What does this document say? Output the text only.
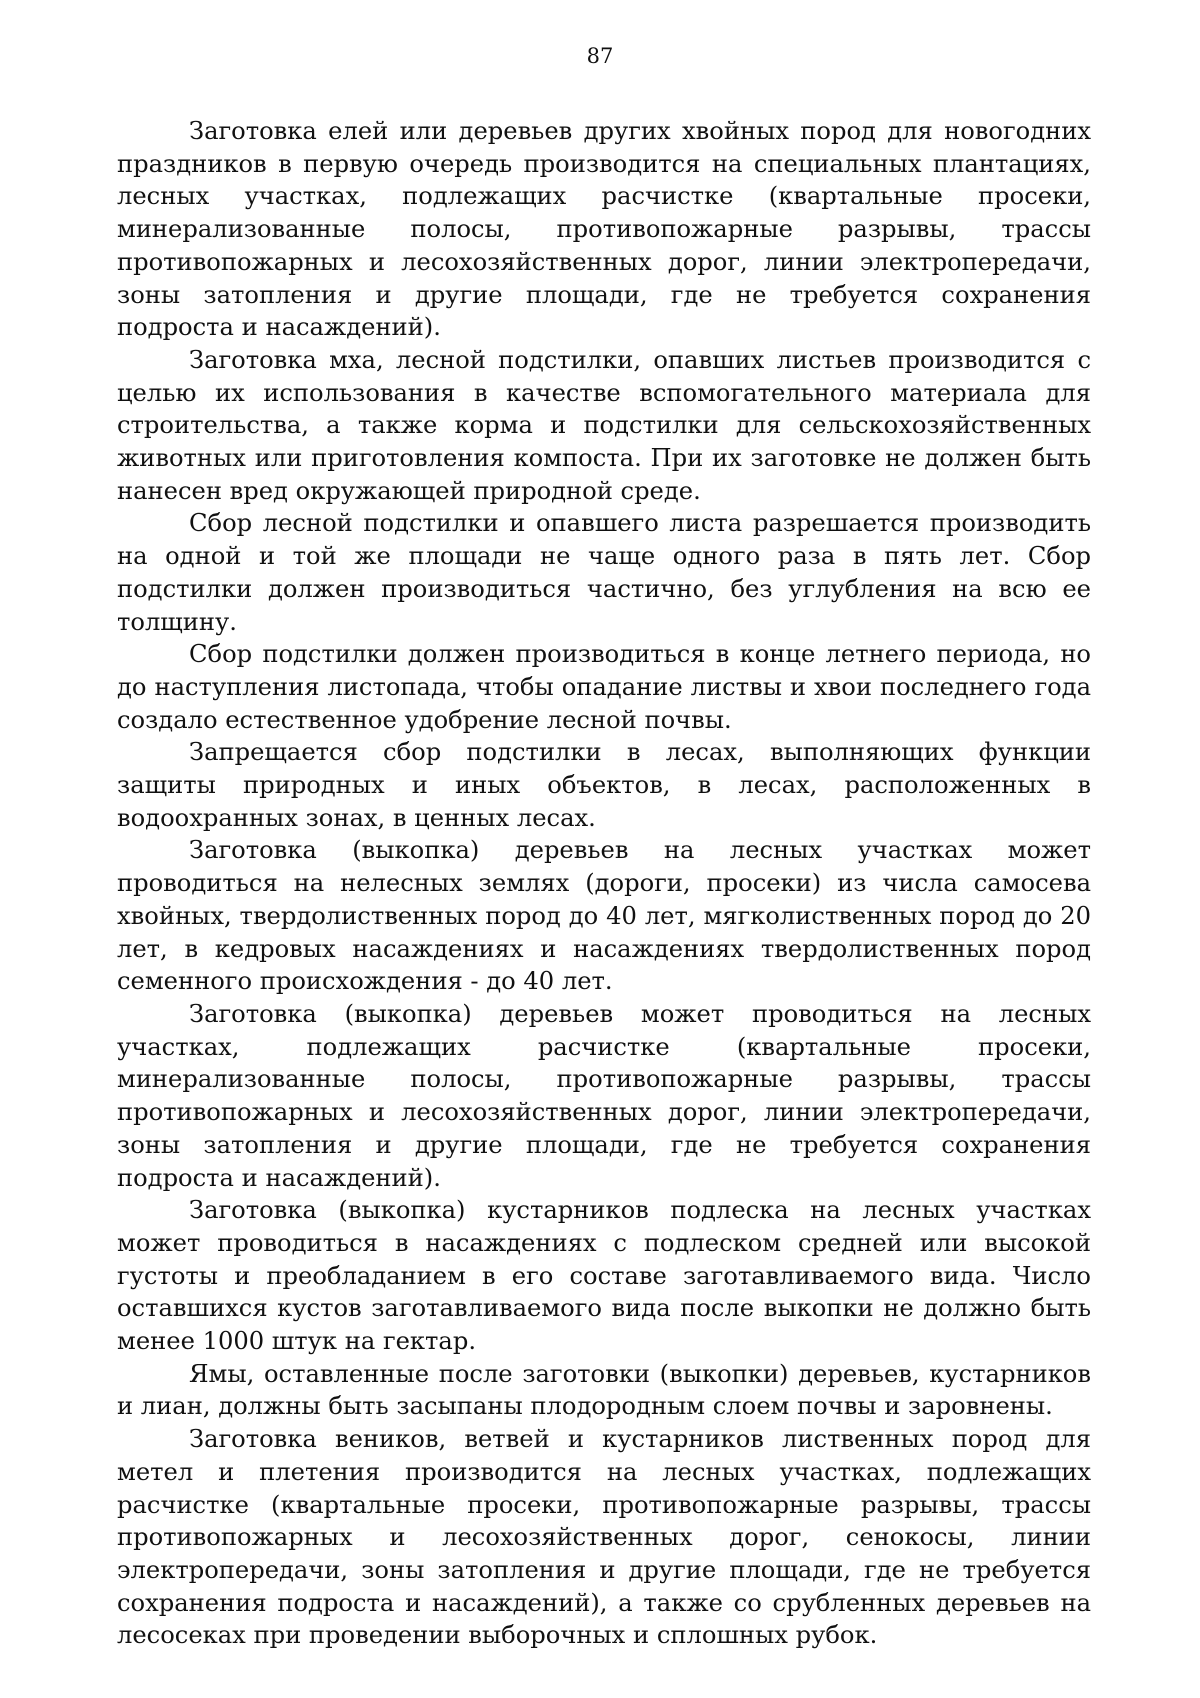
87

Заготовка елей или деревьев других хвойных пород для новогодних праздников в первую очередь производится на специальных плантациях, лесных участках, подлежащих расчистке (квартальные просеки, минерализованные полосы, противопожарные разрывы, трассы противопожарных и лесохозяйственных дорог, линии электропередачи, зоны затопления и другие площади, где не требуется сохранения подроста и насаждений).

Заготовка мха, лесной подстилки, опавших листьев производится с целью их использования в качестве вспомогательного материала для строительства, а также корма и подстилки для сельскохозяйственных животных или приготовления компоста. При их заготовке не должен быть нанесен вред окружающей природной среде.

Сбор лесной подстилки и опавшего листа разрешается производить на одной и той же площади не чаще одного раза в пять лет. Сбор подстилки должен производиться частично, без углубления на всю ее толщину.

Сбор подстилки должен производиться в конце летнего периода, но до наступления листопада, чтобы опадание листвы и хвои последнего года создало естественное удобрение лесной почвы.

Запрещается сбор подстилки в лесах, выполняющих функции защиты природных и иных объектов, в лесах, расположенных в водоохранных зонах, в ценных лесах.

Заготовка (выкопка) деревьев на лесных участках может проводиться на нелесных землях (дороги, просеки) из числа самосева хвойных, твердолиственных пород до 40 лет, мягколиственных пород до 20 лет, в кедровых насаждениях и насаждениях твердолиственных пород семенного происхождения - до 40 лет.

Заготовка (выкопка) деревьев может проводиться на лесных участках, подлежащих расчистке (квартальные просеки, минерализованные полосы, противопожарные разрывы, трассы противопожарных и лесохозяйственных дорог, линии электропередачи, зоны затопления и другие площади, где не требуется сохранения подроста и насаждений).

Заготовка (выкопка) кустарников подлеска на лесных участках может проводиться в насаждениях с подлеском средней или высокой густоты и преобладанием в его составе заготавливаемого вида. Число оставшихся кустов заготавливаемого вида после выкопки не должно быть менее 1000 штук на гектар.

Ямы, оставленные после заготовки (выкопки) деревьев, кустарников и лиан, должны быть засыпаны плодородным слоем почвы и заровнены.

Заготовка веников, ветвей и кустарников лиственных пород для метел и плетения производится на лесных участках, подлежащих расчистке (квартальные просеки, противопожарные разрывы, трассы противопожарных и лесохозяйственных дорог, сенокосы, линии электропередачи, зоны затопления и другие площади, где не требуется сохранения подроста и насаждений), а также со срубленных деревьев на лесосеках при проведении выборочных и сплошных рубок.
